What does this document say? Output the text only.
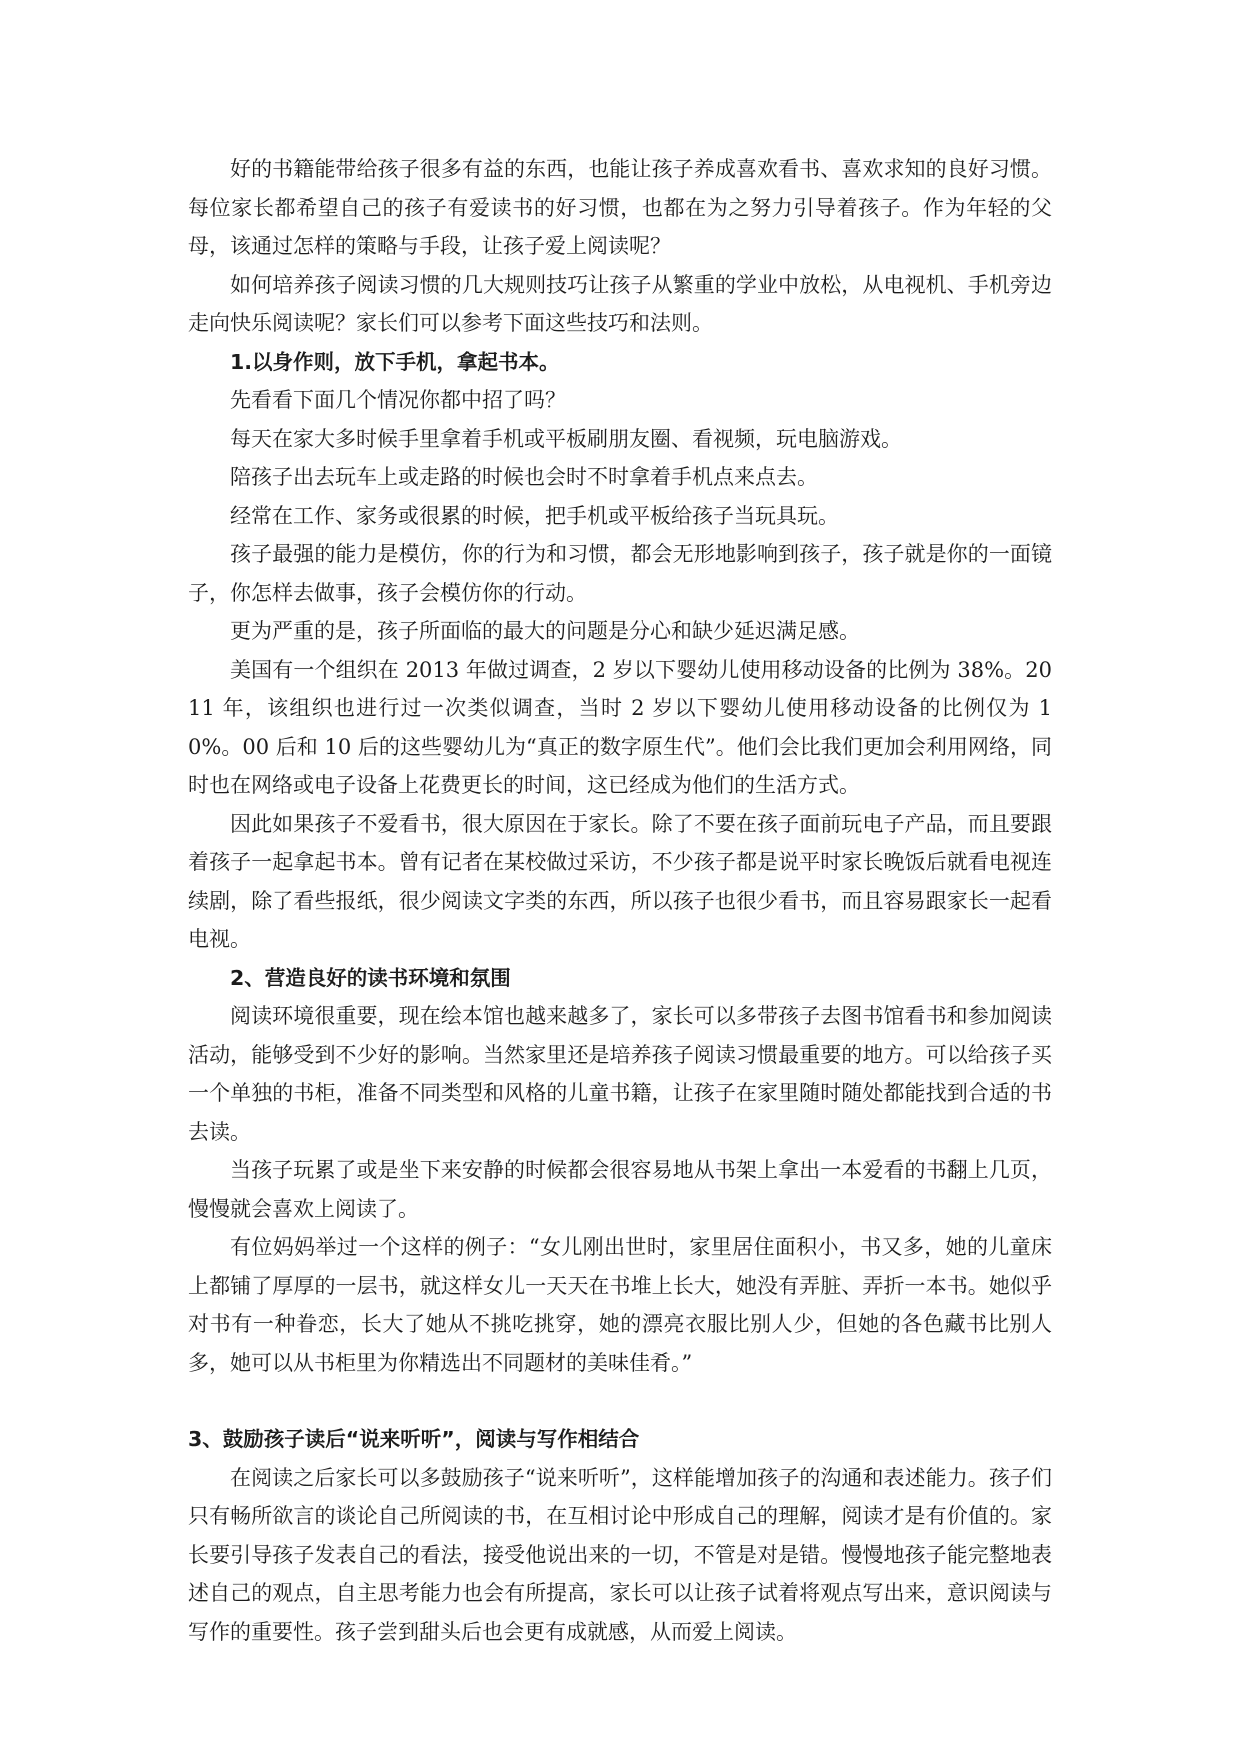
好的书籍能带给孩子很多有益的东西，也能让孩子养成喜欢看书、喜欢求知的良好习惯。每位家长都希望自己的孩子有爱读书的好习惯，也都在为之努力引导着孩子。作为年轻的父母，该通过怎样的策略与手段，让孩子爱上阅读呢？

如何培养孩子阅读习惯的几大规则技巧让孩子从繁重的学业中放松，从电视机、手机旁边走向快乐阅读呢？家长们可以参考下面这些技巧和法则。

1.以身作则，放下手机，拿起书本。

先看看下面几个情况你都中招了吗？

每天在家大多时候手里拿着手机或平板刷朋友圈、看视频，玩电脑游戏。

陪孩子出去玩车上或走路的时候也会时不时拿着手机点来点去。

经常在工作、家务或很累的时候，把手机或平板给孩子当玩具玩。

孩子最强的能力是模仿，你的行为和习惯，都会无形地影响到孩子，孩子就是你的一面镜子，你怎样去做事，孩子会模仿你的行动。

更为严重的是，孩子所面临的最大的问题是分心和缺少延迟满足感。

美国有一个组织在 2013 年做过调查，2 岁以下婴幼儿使用移动设备的比例为 38%。2011 年，该组织也进行过一次类似调查，当时 2 岁以下婴幼儿使用移动设备的比例仅为 10%。00 后和 10 后的这些婴幼儿为“真正的数字原生代”。他们会比我们更加会利用网络，同时也在网络或电子设备上花费更长的时间，这已经成为他们的生活方式。

因此如果孩子不爱看书，很大原因在于家长。除了不要在孩子面前玩电子产品，而且要跟着孩子一起拿起书本。曾有记者在某校做过采访，不少孩子都是说平时家长晚饭后就看电视连续剧，除了看些报纸，很少阅读文字类的东西，所以孩子也很少看书，而且容易跟家长一起看电视。

2、营造良好的读书环境和氛围

阅读环境很重要，现在绘本馆也越来越多了，家长可以多带孩子去图书馆看书和参加阅读活动，能够受到不少好的影响。当然家里还是培养孩子阅读习惯最重要的地方。可以给孩子买一个单独的书柜，准备不同类型和风格的儿童书籍，让孩子在家里随时随处都能找到合适的书去读。

当孩子玩累了或是坐下来安静的时候都会很容易地从书架上拿出一本爱看的书翻上几页，慢慢就会喜欢上阅读了。

有位妈妈举过一个这样的例子：“女儿刚出世时，家里居住面积小，书又多，她的儿童床上都铺了厚厚的一层书，就这样女儿一天天在书堆上长大，她没有弄脏、弄折一本书。她似乎对书有一种眷恋，长大了她从不挑吃挑穿，她的漂亮衣服比别人少，但她的各色藏书比别人多，她可以从书柜里为你精选出不同题材的美味佳肴。”

3、鼓励孩子读后“说来听听”，阅读与写作相结合

在阅读之后家长可以多鼓励孩子“说来听听”，这样能增加孩子的沟通和表述能力。孩子们只有畅所欲言的谈论自己所阅读的书，在互相讨论中形成自己的理解，阅读才是有价值的。家长要引导孩子发表自己的看法，接受他说出来的一切，不管是对是错。慢慢地孩子能完整地表述自己的观点，自主思考能力也会有所提高，家长可以让孩子试着将观点写出来，意识阅读与写作的重要性。孩子尝到甜头后也会更有成就感，从而爱上阅读。
